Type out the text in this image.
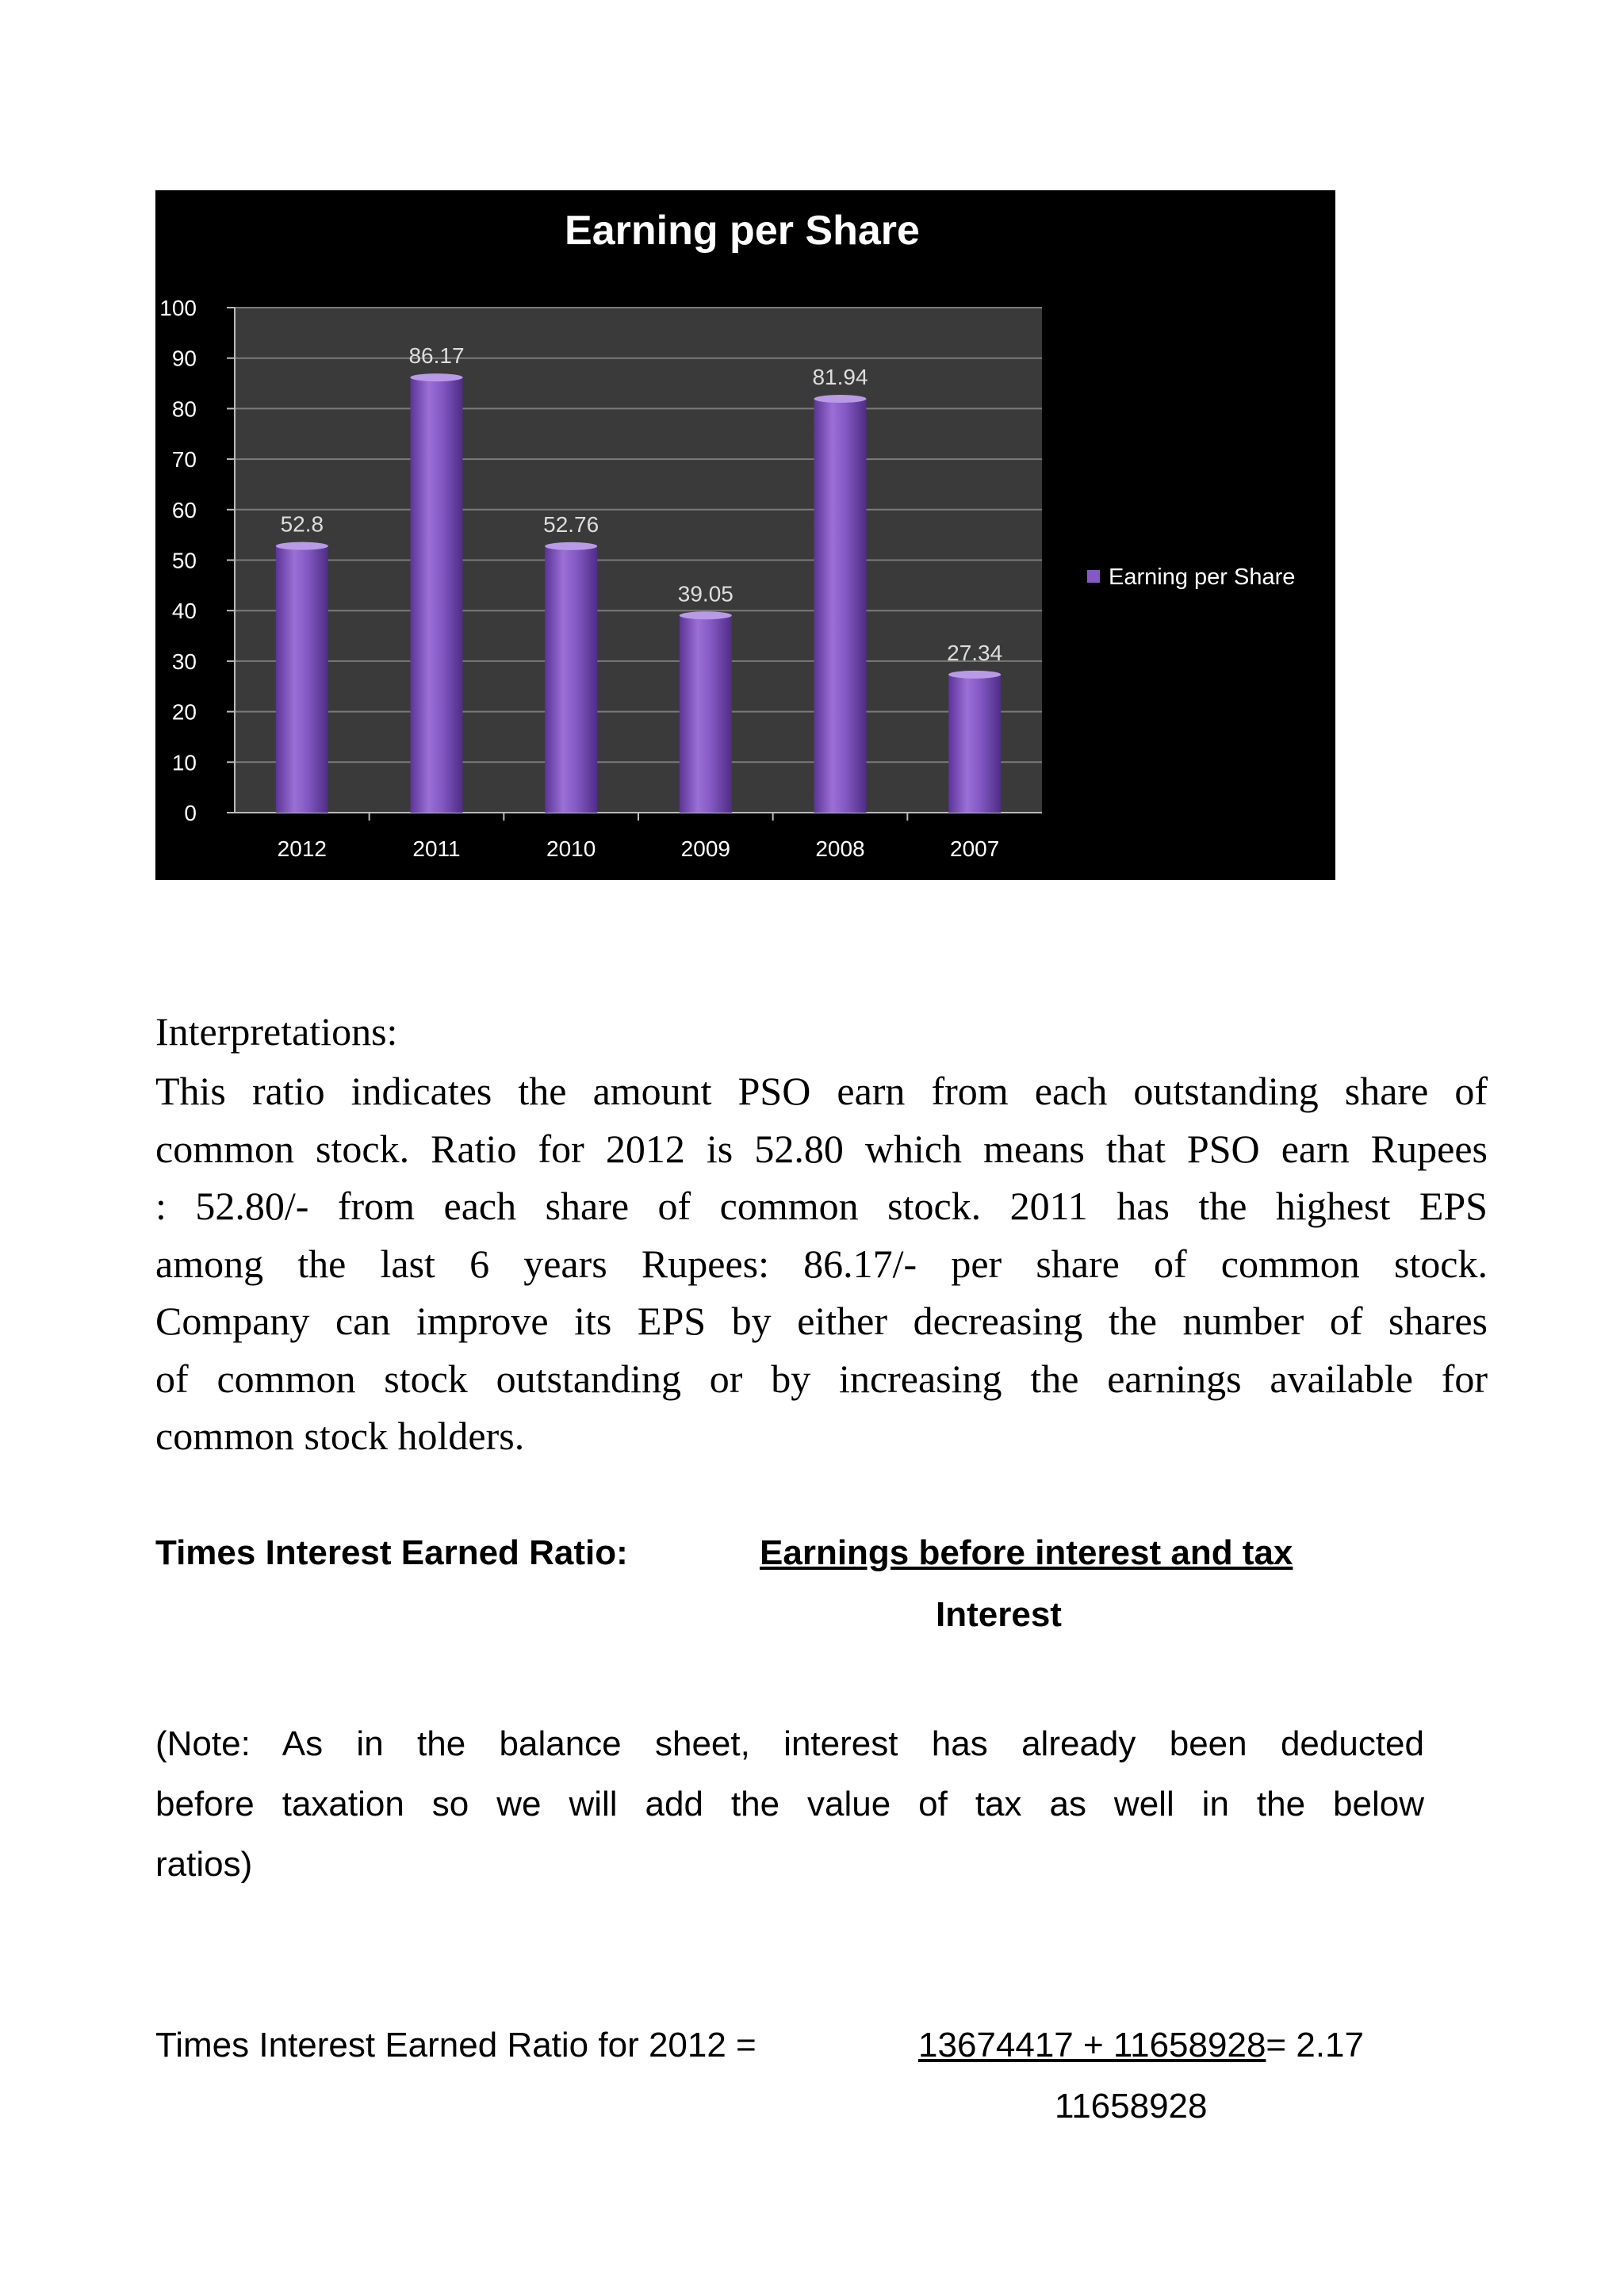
Earning per Share
0
10
20
30
40
50
60
70
80
90
100
52.8
86.17
52.76
39.05
81.94
27.34
2012	2011	2010	2009	2008	2007
Earning per Share
Interpretations:
This ratio indicates the amount PSO earn from each outstanding share of
common stock. Ratio for 2012 is 52.80 which means that PSO earn Rupees
: 52.80/- from each share of common stock. 2011 has the highest EPS
among the last 6 years Rupees: 86.17/- per share of common stock.
Company can improve its EPS by either decreasing the number of shares
of common stock outstanding or by increasing the earnings available for
common stock holders.
Times Interest Earned Ratio:	Earnings before interest and tax
Interest
(Note: As in the balance sheet, interest has already been deducted
before taxation so we will add the value of tax as well in the below
ratios)
Times Interest Earned Ratio for 2012 =	13674417 + 11658928= 2.17
11658928
